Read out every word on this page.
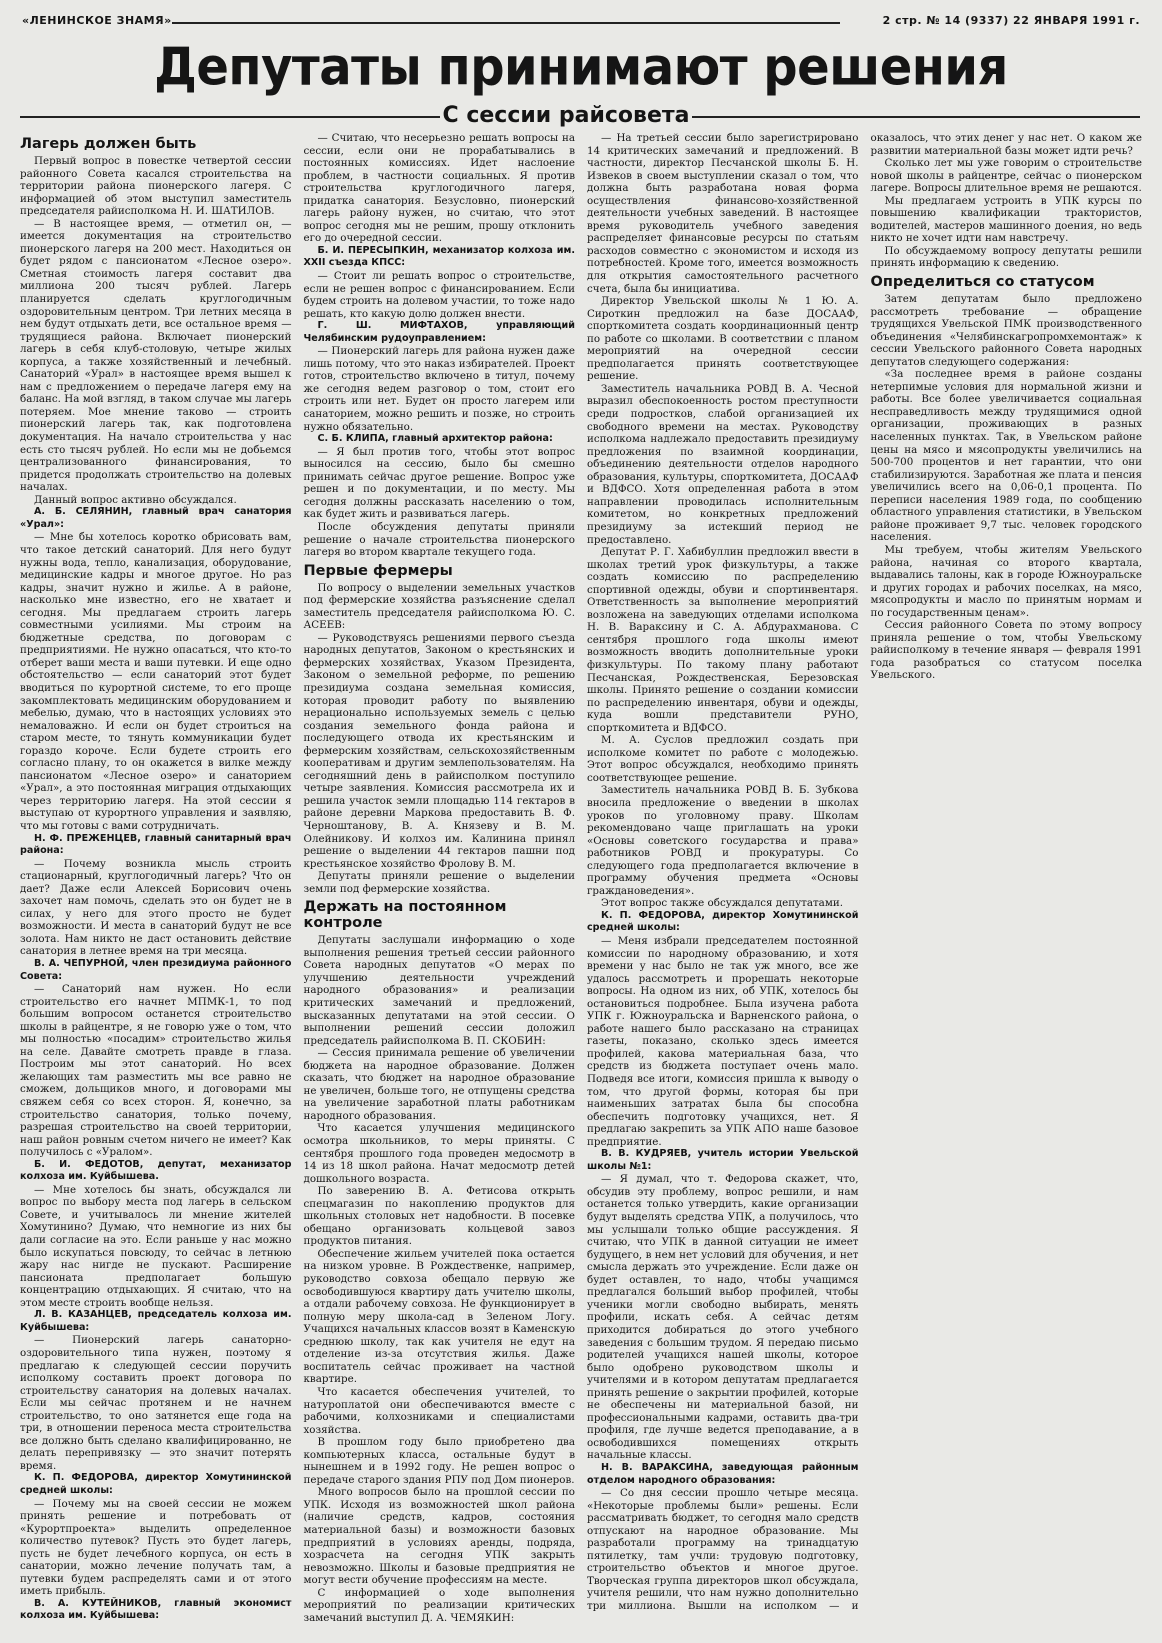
«ЛЕНИНСКОЕ ЗНАМЯ»	2 стр. № 14 (9337) 22 ЯНВАРЯ 1991 г.
Депутаты принимают решения
С сессии райсовета
Лагерь должен быть

Первый вопрос в повестке четвертой сессии районного Совета касался строительства на территории района пионерского лагеря. С информацией об этом выступил заместитель председателя райисполкома Н. И. ШАТИЛОВ.

— В настоящее время, — отметил он, — имеется документация на строительство пионерского лагеря на 200 мест. Находиться он будет рядом с пансионатом «Лесное озеро». Сметная стоимость лагеря составит два миллиона 200 тысяч рублей. Лагерь планируется сделать круглогодичным оздоровительным центром. Три летних месяца в нем будут отдыхать дети, все остальное время — трудящиеся района. Включает пионерский лагерь в себя клуб-столовую, четыре жилых корпуса, а также хозяйственный и лечебный. Санаторий «Урал» в настоящее время вышел к нам с предложением о передаче лагеря ему на баланс. На мой взгляд, в таком случае мы лагерь потеряем. Мое мнение таково — строить пионерский лагерь так, как подготовлена документация. На начало строительства у нас есть сто тысяч рублей. Но если мы не добьемся централизованного финансирования, то придется продолжать строительство на долевых началах.

Данный вопрос активно обсуждался.

А. Б. СЕЛЯНИН, главный врач санатория «Урал»:

— Мне бы хотелось коротко обрисовать вам, что такое детский санаторий. Для него будут нужны вода, тепло, канализация, оборудование, медицинские кадры и многое другое. Но раз кадры, значит нужно и жилье. А в районе, насколько мне известно, его не хватает и сегодня. Мы предлагаем строить лагерь совместными усилиями. Мы строим на бюджетные средства, по договорам с предприятиями. Не нужно опасаться, что кто-то отберет ваши места и ваши путевки. И еще одно обстоятельство — если санаторий этот будет вводиться по курортной системе, то его проще закомплектовать медицинским оборудованием и мебелью, думаю, что в настоящих условиях это немаловажно. И если он будет строиться на старом месте, то тянуть коммуникации будет гораздо короче. Если будете строить его согласно плану, то он окажется в вилке между пансионатом «Лесное озеро» и санаторием «Урал», а это постоянная миграция отдыхающих через территорию лагеря. На этой сессии я выступаю от курортного управления и заявляю, что мы готовы с вами сотрудничать.

Н. Ф. ПРЕЖЕНЦЕВ, главный санитарный врач района:

— Почему возникла мысль строить стационарный, круглогодичный лагерь? Что он дает? Даже если Алексей Борисович очень захочет нам помочь, сделать это он будет не в силах, у него для этого просто не будет возможности. И места в санаторий будут не все золота. Нам никто не даст остановить действие санатория в летнее время на три месяца.

В. А. ЧЕПУРНОЙ, член президиума районного Совета:

— Санаторий нам нужен. Но если строительство его начнет МПМК-1, то под большим вопросом останется строительство школы в райцентре, я не говорю уже о том, что мы полностью «посадим» строительство жилья на селе. Давайте смотреть правде в глаза. Построим мы этот санаторий. Но всех желающих там разместить мы все равно не сможем, дольщиков много, и договорами мы свяжем себя со всех сторон. Я, конечно, за строительство санатория, только почему, разрешая строительство на своей территории, наш район ровным счетом ничего не имеет? Как получилось с «Уралом».

Б. И. ФЕДОТОВ, депутат, механизатор колхоза им. Куйбышева.

— Мне хотелось бы знать, обсуждался ли вопрос по выбору места под лагерь в сельском Совете, и учитывалось ли мнение жителей Хомутинино? Думаю, что немногие из них бы дали согласие на это. Если раньше у нас можно было искупаться повсюду, то сейчас в летнюю жару нас нигде не пускают. Расширение пансионата предполагает большую концентрацию отдыхающих. Я считаю, что на этом месте строить вообще нельзя.

Л. В. КАЗАНЦЕВ, председатель колхоза им. Куйбышева:

— Пионерский лагерь санаторно-оздоровительного типа нужен, поэтому я предлагаю к следующей сессии поручить исполкому составить проект договора по строительству санатория на долевых началах. Если мы сейчас протянем и не начнем строительство, то оно затянется еще года на три, в отношении переноса места строительства все должно быть сделано квалифицированно, не делать перепривязку — это значит потерять время.

К. П. ФЕДОРОВА, директор Хомутининской средней школы:

— Почему мы на своей сессии не можем принять решение и потребовать от «Курортпроекта» выделить определенное количество путевок? Пусть это будет лагерь, пусть не будет лечебного корпуса, он есть в санатории, можно лечение получать там, а путевки будем распределять сами и от этого иметь прибыль.

В. А. КУТЕЙНИКОВ, главный экономист колхоза им. Куйбышева:

— Считаю, что несерьезно решать вопросы на сессии, если они не прорабатывались в постоянных комиссиях. Идет наслоение проблем, в частности социальных. Я против строительства круглогодичного лагеря, придатка санатория. Безусловно, пионерский лагерь району нужен, но считаю, что этот вопрос сегодня мы не решим, прошу отклонить его до очередной сессии.

Б. И. ПЕРЕСЫПКИН, механизатор колхоза им. XXII съезда КПСС:

— Стоит ли решать вопрос о строительстве, если не решен вопрос с финансированием. Если будем строить на долевом участии, то тоже надо решать, кто какую долю должен внести.

Г. Ш. МИФТАХОВ, управляющий Челябинским рудоуправлением:

— Пионерский лагерь для района нужен даже лишь потому, что это наказ избирателей. Проект готов, строительство включено в титул, почему же сегодня ведем разговор о том, стоит его строить или нет. Будет он просто лагерем или санаторием, можно решить и позже, но строить нужно обязательно.

С. Б. КЛИПА, главный архитектор района:

— Я был против того, чтобы этот вопрос выносился на сессию, было бы смешно принимать сейчас другое решение. Вопрос уже решен и по документации, и по месту. Мы сегодня должны рассказать населению о том, как будет жить и развиваться лагерь.

После обсуждения депутаты приняли решение о начале строительства пионерского лагеря во втором квартале текущего года.

Первые фермеры

По вопросу о выделении земельных участков под фермерские хозяйства разъяснение сделал заместитель председателя райисполкома Ю. С. АСЕЕВ:

— Руководствуясь решениями первого съезда народных депутатов, Законом о крестьянских и фермерских хозяйствах, Указом Президента, Законом о земельной реформе, по решению президиума создана земельная комиссия, которая проводит работу по выявлению нерационально используемых земель с целью создания земельного фонда района и последующего отвода их крестьянским и фермерским хозяйствам, сельскохозяйственным кооперативам и другим землепользователям. На сегодняшний день в райисполком поступило четыре заявления. Комиссия рассмотрела их и решила участок земли площадью 114 гектаров в районе деревни Маркова предоставить В. Ф. Черноштанову, В. А. Князеву и В. М. Олейникову. И колхоз им. Калинина принял решение о выделении 44 гектаров пашни под крестьянское хозяйство Фролову В. М.

Депутаты приняли решение о выделении земли под фермерские хозяйства.

Держать на постоянном контроле

Депутаты заслушали информацию о ходе выполнения решения третьей сессии районного Совета народных депутатов «О мерах по улучшению деятельности учреждений народного образования» и реализации критических замечаний и предложений, высказанных депутатами на этой сессии. О выполнении решений сессии доложил председатель райисполкома В. П. СКОБИН:

— Сессия принимала решение об увеличении бюджета на народное образование. Должен сказать, что бюджет на народное образование не увеличен, больше того, не отпущены средства на увеличение заработной платы работникам народного образования.

Что касается улучшения медицинского осмотра школьников, то меры приняты. С сентября прошлого года проведен медосмотр в 14 из 18 школ района. Начат медосмотр детей дошкольного возраста.

По заверению В. А. Фетисова открыть спецмагазин по накоплению продуктов для школьных столовых нет надобности. В посевке обещано организовать кольцевой завоз продуктов питания.

Обеспечение жильем учителей пока остается на низком уровне. В Рождественке, например, руководство совхоза обещало первую же освободившуюся квартиру дать учителю школы, а отдали рабочему совхоза. Не функционирует в полную меру школа-сад в Зеленом Логу. Учащихся начальных классов возят в Каменскую среднюю школу, так как учителя не едут на отделение из-за отсутствия жилья. Даже воспитатель сейчас проживает на частной квартире.

Что касается обеспечения учителей, то натуроплатой они обеспечиваются вместе с рабочими, колхозниками и специалистами хозяйства.

В прошлом году было приобретено два компьютерных класса, остальные будут в нынешнем и в 1992 году. Не решен вопрос о передаче старого здания РПУ под Дом пионеров.

Много вопросов было на прошлой сессии по УПК. Исходя из возможностей школ района (наличие средств, кадров, состояния материальной базы) и возможности базовых предприятий в условиях аренды, подряда, хозрасчета на сегодня УПК закрыть невозможно. Школы и базовые предприятия не могут вести обучение профессиям на месте.

С информацией о ходе выполнения мероприятий по реализации критических замечаний выступил Д. А. ЧЕМЯКИН:

— На третьей сессии было зарегистрировано 14 критических замечаний и предложений. В частности, директор Песчанской школы Б. Н. Извеков в своем выступлении сказал о том, что должна быть разработана новая форма осуществления финансово-хозяйственной деятельности учебных заведений. В настоящее время руководитель учебного заведения распределяет финансовые ресурсы по статьям расходов совместно с экономистом и исходя из потребностей. Кроме того, имеется возможность для открытия самостоятельного расчетного счета, была бы инициатива.

Директор Увельской школы № 1 Ю. А. Сироткин предложил на базе ДОСААФ, спорткомитета создать координационный центр по работе со школами. В соответствии с планом мероприятий на очередной сессии предполагается принять соответствующее решение.

Заместитель начальника РОВД В. А. Чесной выразил обеспокоенность ростом преступности среди подростков, слабой организацией их свободного времени на местах. Руководству исполкома надлежало предоставить президиуму предложения по взаимной координации, объединению деятельности отделов народного образования, культуры, спорткомитета, ДОСААФ и ВДФСО. Хотя определенная работа в этом направлении проводилась исполнительным комитетом, но конкретных предложений президиуму за истекший период не предоставлено.

Депутат Р. Г. Хабибуллин предложил ввести в школах третий урок физкультуры, а также создать комиссию по распределению спортивной одежды, обуви и спортинвентаря. Ответственность за выполнение мероприятий возложена на заведующих отделами исполкома Н. В. Вараксину и С. А. Абдурахманова. С сентября прошлого года школы имеют возможность вводить дополнительные уроки физкультуры. По такому плану работают Песчанская, Рождественская, Березовская школы. Принято решение о создании комиссии по распределению инвентаря, обуви и одежды, куда вошли представители РУНО, спорткомитета и ВДФСО.

М. А. Суслов предложил создать при исполкоме комитет по работе с молодежью. Этот вопрос обсуждался, необходимо принять соответствующее решение.

Заместитель начальника РОВД В. Б. Зубкова вносила предложение о введении в школах уроков по уголовному праву. Школам рекомендовано чаще приглашать на уроки «Основы советского государства и права» работников РОВД и прокуратуры. Со следующего года предполагается включение в программу обучения предмета «Основы граждановедения».

Этот вопрос также обсуждался депутатами.

К. П. ФЕДОРОВА, директор Хомутининской средней школы:

— Меня избрали председателем постоянной комиссии по народному образованию, и хотя времени у нас было не так уж много, все же удалось рассмотреть и прорешать некоторые вопросы. На одном из них, об УПК, хотелось бы остановиться подробнее. Была изучена работа УПК г. Южноуральска и Варненского района, о работе нашего было рассказано на страницах газеты, показано, сколько здесь имеется профилей, какова материальная база, что средств из бюджета поступает очень мало. Подведя все итоги, комиссия пришла к выводу о том, что другой формы, которая бы при наименьших затратах была бы способна обеспечить подготовку учащихся, нет. Я предлагаю закрепить за УПК АПО наше базовое предприятие.

В. В. КУДРЯЕВ, учитель истории Увельской школы №1:

— Я думал, что т. Федорова скажет, что, обсудив эту проблему, вопрос решили, и нам останется только утвердить, какие организации будут выделять средства УПК, а получилось, что мы услышали только общие рассуждения. Я считаю, что УПК в данной ситуации не имеет будущего, в нем нет условий для обучения, и нет смысла держать это учреждение. Если даже он будет оставлен, то надо, чтобы учащимся предлагался больший выбор профилей, чтобы ученики могли свободно выбирать, менять профили, искать себя. А сейчас детям приходится добираться до этого учебного заведения с большим трудом. Я передаю письмо родителей учащихся нашей школы, которое было одобрено руководством школы и учителями и в котором депутатам предлагается принять решение о закрытии профилей, которые не обеспечены ни материальной базой, ни профессиональными кадрами, оставить два-три профиля, где лучше ведется преподавание, а в освободившихся помещениях открыть начальные классы.

Н. В. ВАРАКСИНА, заведующая районным отделом народного образования:

— Со дня сессии прошло четыре месяца. «Некоторые проблемы были» решены. Если рассматривать бюджет, то сегодня мало средств отпускают на народное образование. Мы разработали программу на тринадцатую пятилетку, там учли: трудовую подготовку, строительство объектов и многое другое. Творческая группа директоров школ обсуждала, учителя решили, что нам нужно дополнительно три миллиона. Вышли на исполком — и оказалось, что этих денег у нас нет. О каком же развитии материальной базы может идти речь?

Сколько лет мы уже говорим о строительстве новой школы в райцентре, сейчас о пионерском лагере. Вопросы длительное время не решаются.

Мы предлагаем устроить в УПК курсы по повышению квалификации трактористов, водителей, мастеров машинного доения, но ведь никто не хочет идти нам навстречу.

По обсуждаемому вопросу депутаты решили принять информацию к сведению.

Определиться со статусом

Затем депутатам было предложено рассмотреть требование — обращение трудящихся Увельской ПМК производственного объединения «Челябинскагропромхемонтаж» к сессии Увельского районного Совета народных депутатов следующего содержания:

«За последнее время в районе созданы нетерпимые условия для нормальной жизни и работы. Все более увеличивается социальная несправедливость между трудящимися одной организации, проживающих в разных населенных пунктах. Так, в Увельском районе цены на мясо и мясопродукты увеличились на 500-700 процентов и нет гарантии, что они стабилизируются. Заработная же плата и пенсия увеличились всего на 0,06-0,1 процента. По переписи населения 1989 года, по сообщению областного управления статистики, в Увельском районе проживает 9,7 тыс. человек городского населения.

Мы требуем, чтобы жителям Увельского района, начиная со второго квартала, выдавались талоны, как в городе Южноуральске и других городах и рабочих поселках, на мясо, мясопродукты и масло по принятым нормам и по государственным ценам».

Сессия районного Совета по этому вопросу приняла решение о том, чтобы Увельскому райисполкому в течение января — февраля 1991 года разобраться со статусом поселка Увельского.
